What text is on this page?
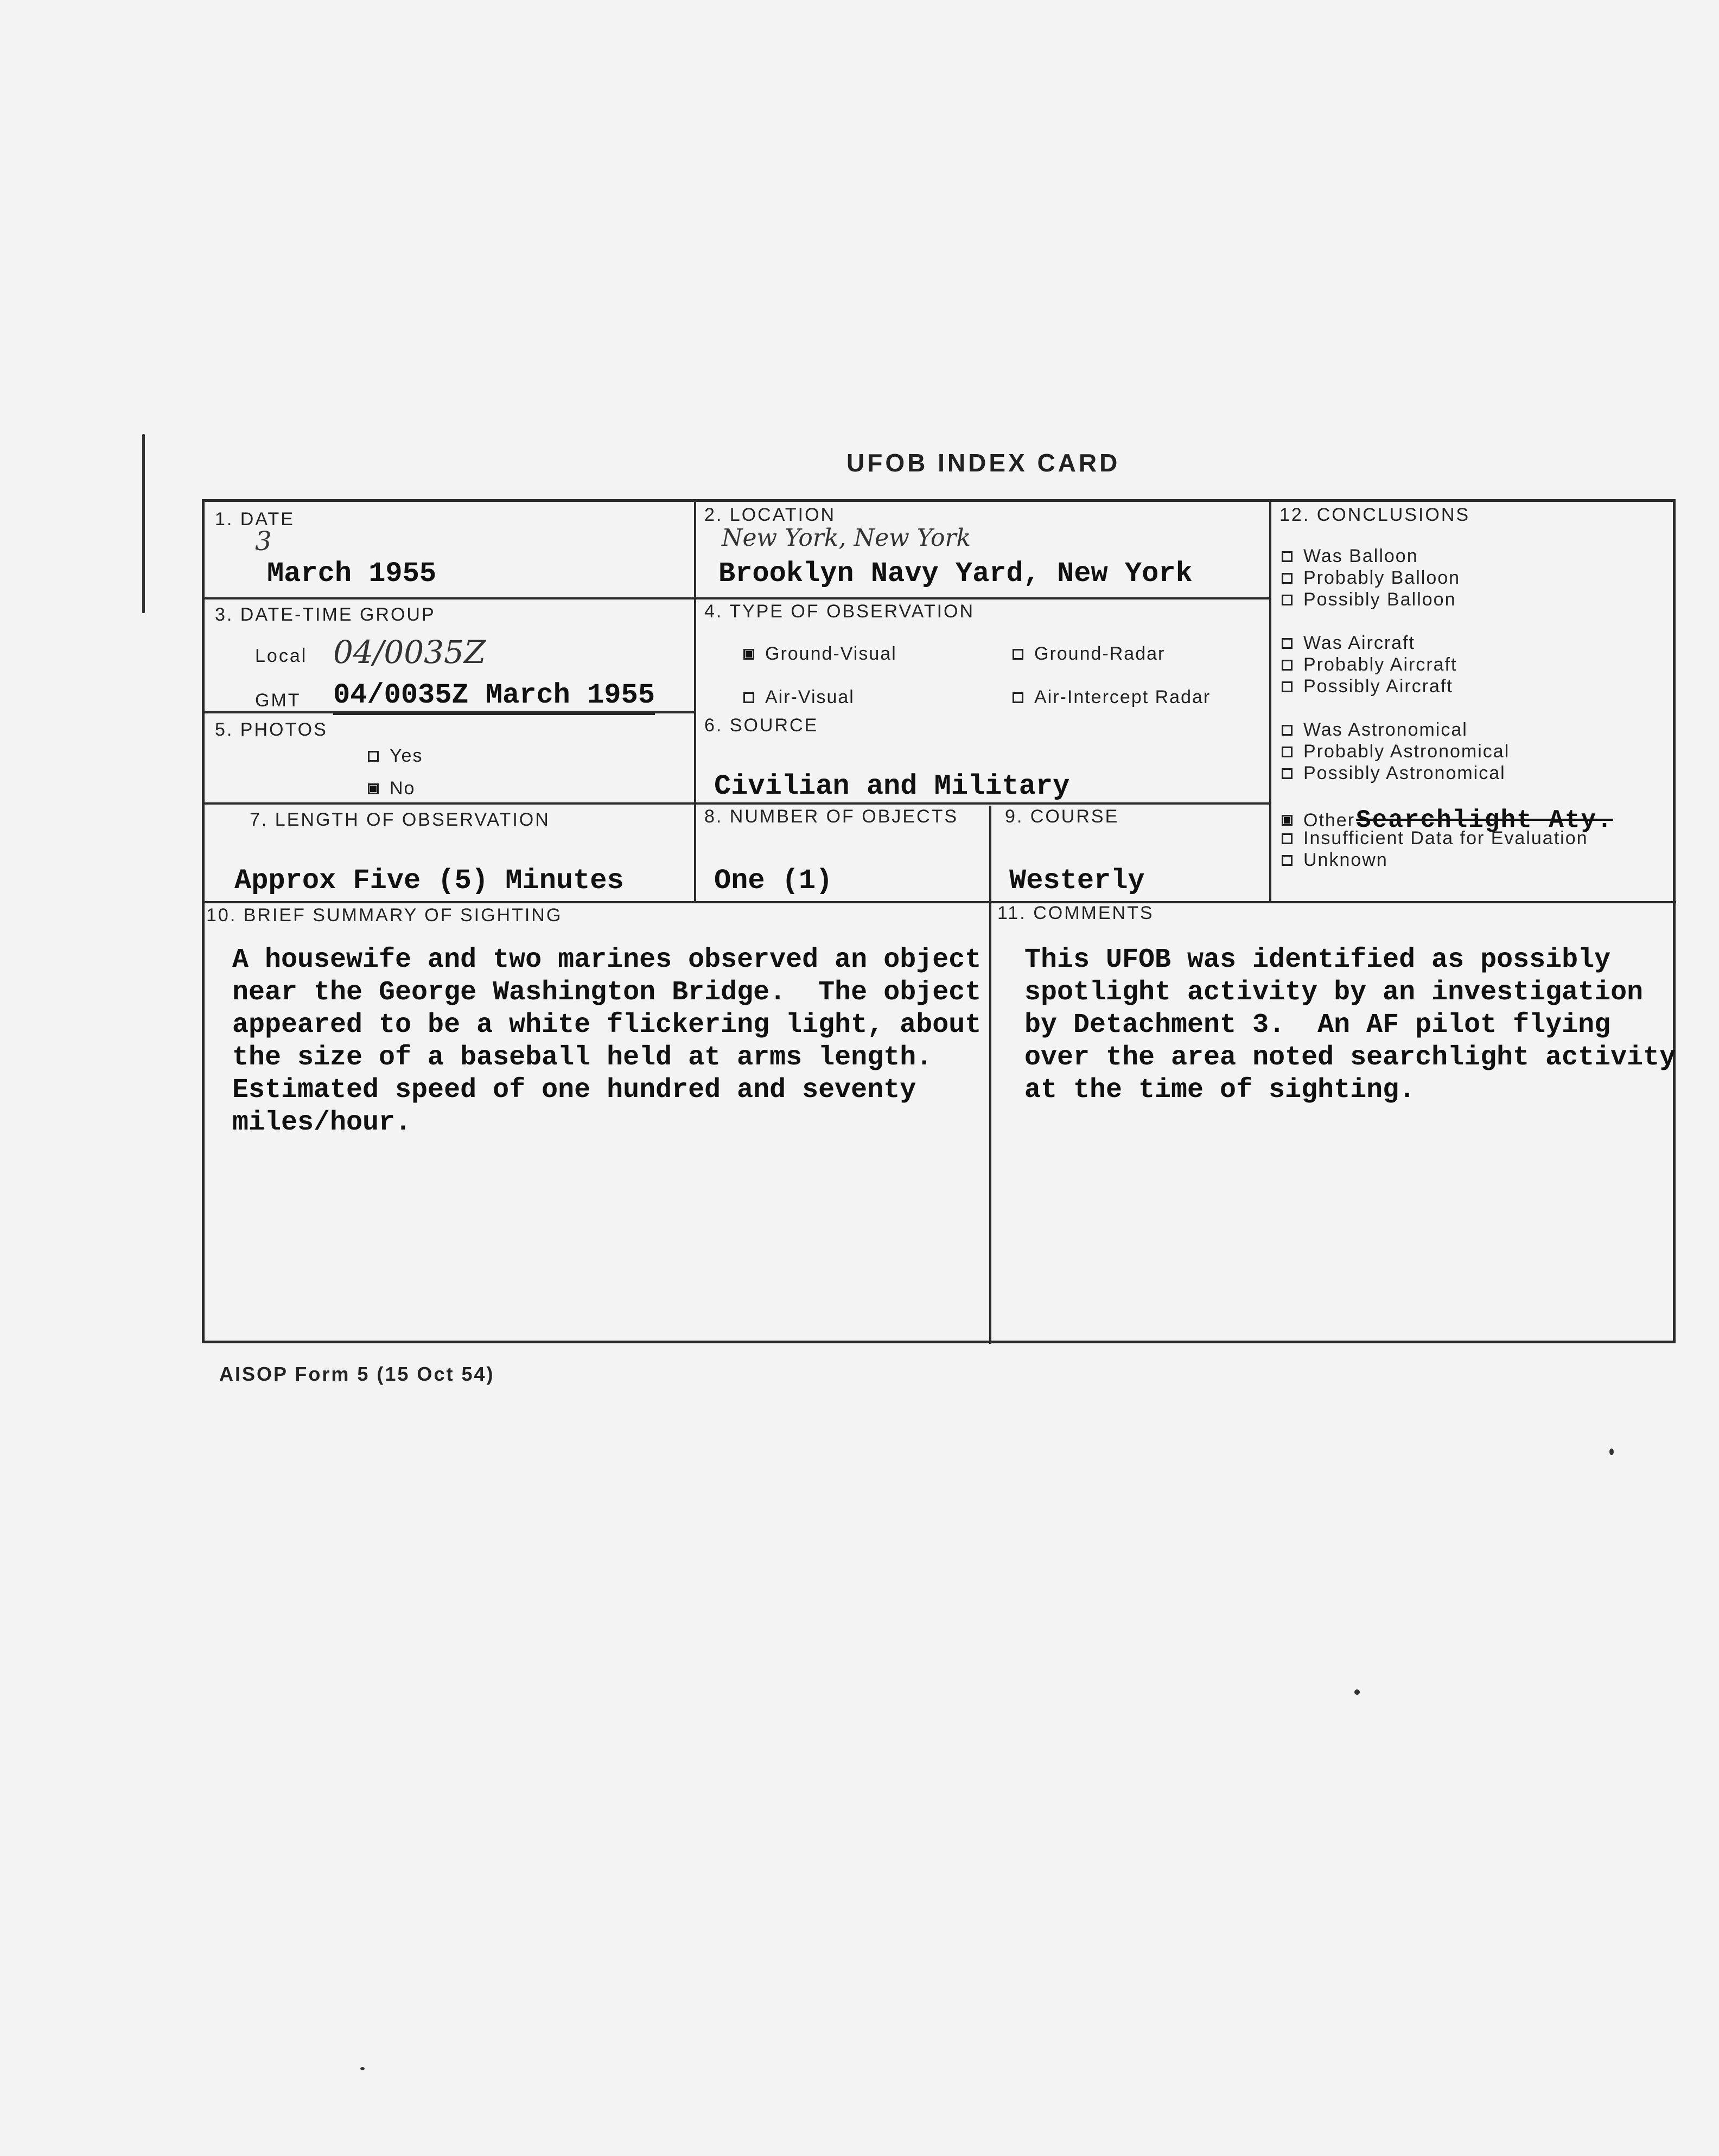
UFOB INDEX CARD
1. DATE
3
March 1955
2. LOCATION
New York, New York
Brooklyn Navy Yard, New York
3. DATE-TIME GROUP
Local 04/0035Z
GMT 04/0035Z March 1955
4. TYPE OF OBSERVATION
Ground-Visual	Ground-Radar
Air-Visual	Air-Intercept Radar
5. PHOTOS
Yes
No
6. SOURCE
Civilian and Military
7. LENGTH OF OBSERVATION
Approx Five (5) Minutes
8. NUMBER OF OBJECTS
One (1)
9. COURSE
Westerly
12. CONCLUSIONS
Was Balloon
Probably Balloon
Possibly Balloon
Was Aircraft
Probably Aircraft
Possibly Aircraft
Was Astronomical
Probably Astronomical
Possibly Astronomical
Other Searchlight Aty.
Insufficient Data for Evaluation
Unknown
10. BRIEF SUMMARY OF SIGHTING
A housewife and two marines observed an object
near the George Washington Bridge.  The object
appeared to be a white flickering light, about
the size of a baseball held at arms length.
Estimated speed of one hundred and seventy
miles/hour.
11. COMMENTS
This UFOB was identified as possibly
spotlight activity by an investigation
by Detachment 3.  An AF pilot flying
over the area noted searchlight activity
at the time of sighting.
AISOP Form 5 (15 Oct 54)
